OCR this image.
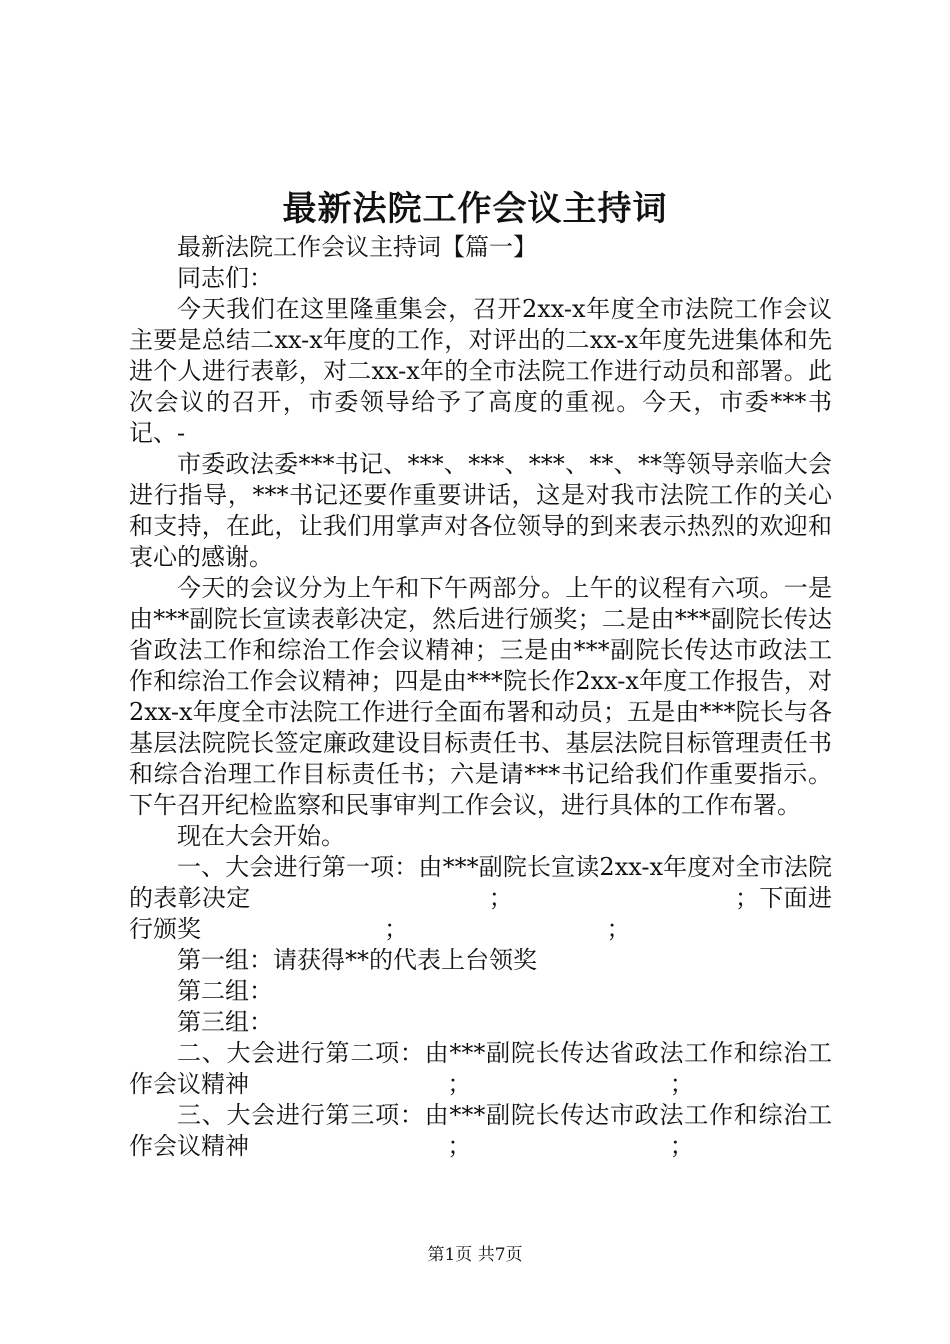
最新法院工作会议主持词

最新法院工作会议主持词【篇一】

同志们：

今天我们在这里隆重集会，召开2xx-x年度全市法院工作会议主要是总结二xx-x年度的工作，对评出的二xx-x年度先进集体和先进个人进行表彰，对二xx-x年的全市法院工作进行动员和部署。此次会议的召开，市委领导给予了高度的重视。今天，市委***书记、-

市委政法委***书记、***、***、***、**、**等领导亲临大会进行指导，***书记还要作重要讲话，这是对我市法院工作的关心和支持，在此，让我们用掌声对各位领导的到来表示热烈的欢迎和衷心的感谢。

今天的会议分为上午和下午两部分。上午的议程有六项。一是由***副院长宣读表彰决定，然后进行颁奖；二是由***副院长传达省政法工作和综治工作会议精神；三是由***副院长传达市政法工作和综治工作会议精神；四是由***院长作2xx-x年度工作报告，对2xx-x年度全市法院工作进行全面布署和动员；五是由***院长与各基层法院院长签定廉政建设目标责任书、基层法院目标管理责任书和综合治理工作目标责任书；六是请***书记给我们作重要指示。下午召开纪检监察和民事审判工作会议，进行具体的工作布署。

现在大会开始。

一、大会进行第一项：由***副院长宣读2xx-x年度对全市法院的表彰决定                              ；                            ；下面进行颁奖                        ；                          ；

第一组：请获得**的代表上台领奖

第二组：

第三组：

二、大会进行第二项：由***副院长传达省政法工作和综治工作会议精神                          ；                          ；

三、大会进行第三项：由***副院长传达市政法工作和综治工作会议精神                          ；                          ；

第1页 共7页
